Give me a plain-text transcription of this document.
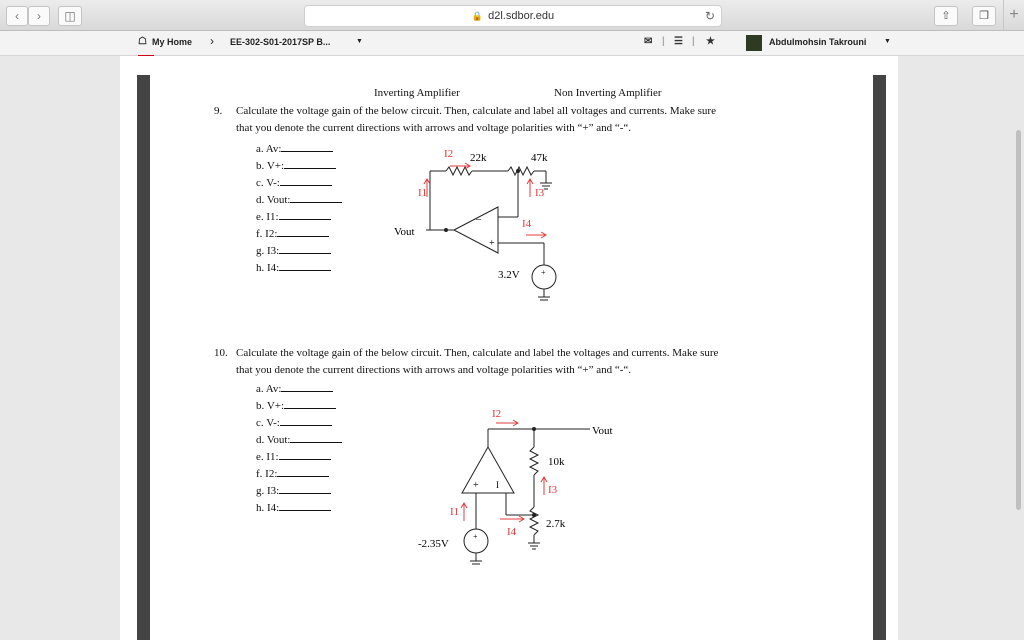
‹	›	◫	🔒 d2l.sdbor.edu	↻	⇧	❐	+
☖ My Home › EE-302-S01-2017SP B...	▼	✉ | ☰ | ★	Abdulmohsin Takrouni	▼
Inverting Amplifier	Non Inverting Amplifier
9. Calculate the voltage gain of the below circuit. Then, calculate and label all voltages and currents. Make sure
that you denote the current directions with arrows and voltage polarities with “+” and “-“.
a. Av:
b. V+:
c. V-:
d. Vout:
e. I1:
f. I2:
g. I3:
h. I4:
22k	47k
Vout
3.2V
–
+
+
I2
I1	I3
I4
10. Calculate the voltage gain of the below circuit. Then, calculate and label the voltages and currents. Make sure
that you denote the current directions with arrows and voltage polarities with “+” and “-“.
a. Av:
b. V+:
c. V-:
d. Vout:
e. I1:
f. I2:
g. I3:
h. I4:
Vout
10k
2.7k
-2.35V
+ I
+
I2
I3
I1
I4
